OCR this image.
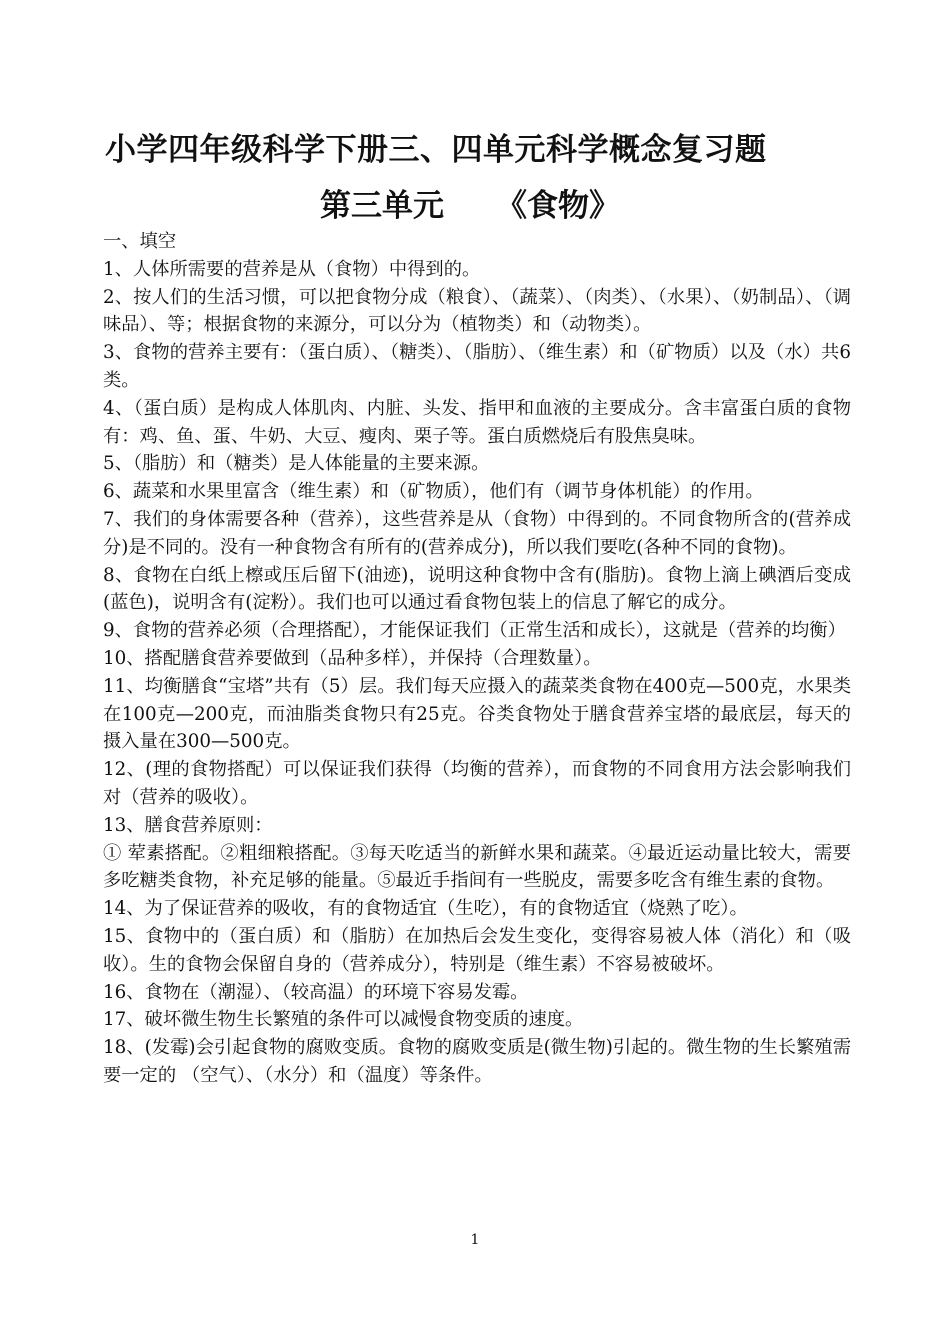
小学四年级科学下册三、四单元科学概念复习题
第三单元 《食物》

一、填空

1、人体所需要的营养是从（食物）中得到的。

2、按人们的生活习惯，可以把食物分成（粮食）、（蔬菜）、（肉类）、（水果）、（奶制品）、（调味品）、等；根据食物的来源分，可以分为（植物类）和（动物类）。

3、食物的营养主要有：（蛋白质）、（糖类）、（脂肪）、（维生素）和（矿物质）以及（水）共6类。

4、（蛋白质）是构成人体肌肉、内脏、头发、指甲和血液的主要成分。含丰富蛋白质的食物有：鸡、鱼、蛋、牛奶、大豆、瘦肉、栗子等。蛋白质燃烧后有股焦臭味。

5、（脂肪）和（糖类）是人体能量的主要来源。

6、蔬菜和水果里富含（维生素）和（矿物质），他们有（调节身体机能）的作用。

7、我们的身体需要各种（营养），这些营养是从（食物）中得到的。不同食物所含的(营养成分)是不同的。没有一种食物含有所有的(营养成分)，所以我们要吃(各种不同的食物)。

8、食物在白纸上檫或压后留下(油迹)，说明这种食物中含有(脂肪)。食物上滴上碘酒后变成(蓝色)，说明含有(淀粉）。我们也可以通过看食物包装上的信息了解它的成分。

9、食物的营养必须（合理搭配），才能保证我们（正常生活和成长），这就是（营养的均衡）

10、搭配膳食营养要做到（品种多样），并保持（合理数量）。

11、均衡膳食“宝塔”共有（5）层。我们每天应摄入的蔬菜类食物在400克—500克，水果类在100克—200克，而油脂类食物只有25克。谷类食物处于膳食营养宝塔的最底层，每天的摄入量在300—500克。

12、(理的食物搭配）可以保证我们获得（均衡的营养），而食物的不同食用方法会影响我们对（营养的吸收）。

13、膳食营养原则：

① 荤素搭配。②粗细粮搭配。③每天吃适当的新鲜水果和蔬菜。④最近运动量比较大，需要多吃糖类食物，补充足够的能量。⑤最近手指间有一些脱皮，需要多吃含有维生素的食物。

14、为了保证营养的吸收，有的食物适宜（生吃），有的食物适宜（烧熟了吃）。

15、食物中的（蛋白质）和（脂肪）在加热后会发生变化，变得容易被人体（消化）和（吸收）。生的食物会保留自身的（营养成分），特别是（维生素）不容易被破坏。

16、食物在（潮湿）、（较高温）的环境下容易发霉。

17、破坏微生物生长繁殖的条件可以减慢食物变质的速度。

18、(发霉)会引起食物的腐败变质。食物的腐败变质是(微生物)引起的。微生物的生长繁殖需要一定的 （空气）、（水分）和（温度）等条件。

1
